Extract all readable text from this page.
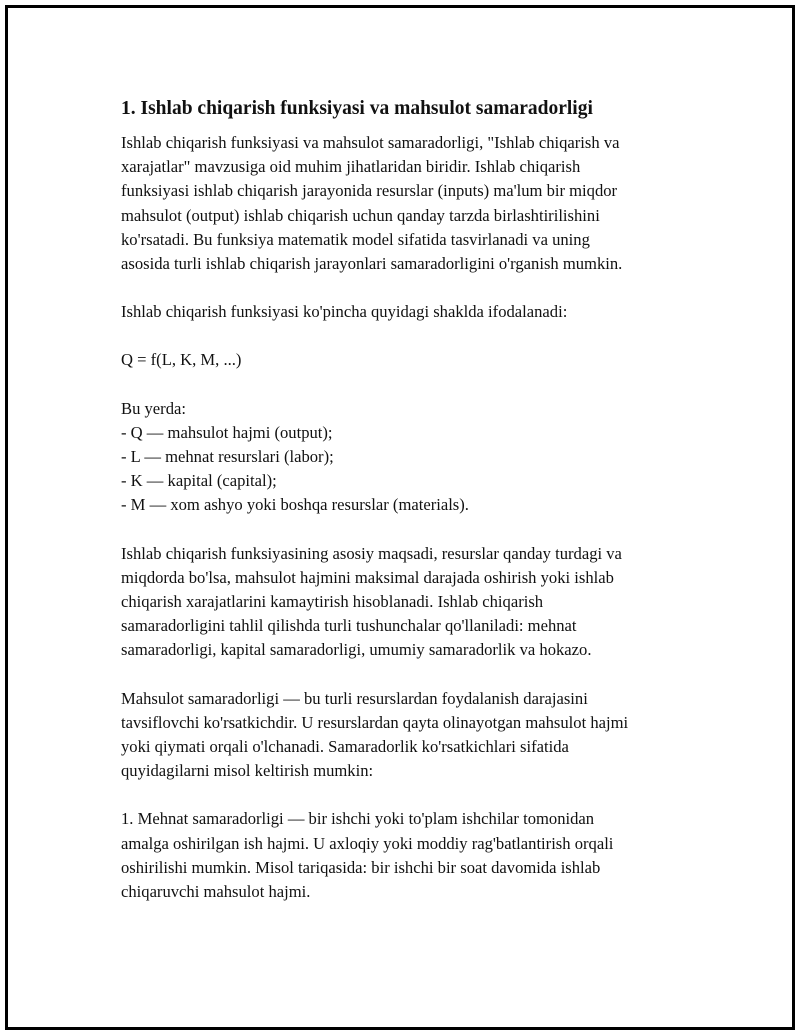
1. Ishlab chiqarish funksiyasi va mahsulot samaradorligi
Ishlab chiqarish funksiyasi va mahsulot samaradorligi, "Ishlab chiqarish va
xarajatlar" mavzusiga oid muhim jihatlaridan biridir. Ishlab chiqarish
funksiyasi ishlab chiqarish jarayonida resurslar (inputs) ma'lum bir miqdor
mahsulot (output) ishlab chiqarish uchun qanday tarzda birlashtirilishini
ko'rsatadi. Bu funksiya matematik model sifatida tasvirlanadi va uning
asosida turli ishlab chiqarish jarayonlari samaradorligini o'rganish mumkin.
Ishlab chiqarish funksiyasi ko'pincha quyidagi shaklda ifodalanadi:
Q = f(L, K, M, ...)
Bu yerda:
- Q — mahsulot hajmi (output);
- L — mehnat resurslari (labor);
- K — kapital (capital);
- M — xom ashyo yoki boshqa resurslar (materials).
Ishlab chiqarish funksiyasining asosiy maqsadi, resurslar qanday turdagi va
miqdorda bo'lsa, mahsulot hajmini maksimal darajada oshirish yoki ishlab
chiqarish xarajatlarini kamaytirish hisoblanadi. Ishlab chiqarish
samaradorligini tahlil qilishda turli tushunchalar qo'llaniladi: mehnat
samaradorligi, kapital samaradorligi, umumiy samaradorlik va hokazo.
Mahsulot samaradorligi — bu turli resurslardan foydalanish darajasini
tavsiflovchi ko'rsatkichdir. U resurslardan qayta olinayotgan mahsulot hajmi
yoki qiymati orqali o'lchanadi. Samaradorlik ko'rsatkichlari sifatida
quyidagilarni misol keltirish mumkin:
1. Mehnat samaradorligi — bir ishchi yoki to'plam ishchilar tomonidan
amalga oshirilgan ish hajmi. U axloqiy yoki moddiy rag'batlantirish orqali
oshirilishi mumkin. Misol tariqasida: bir ishchi bir soat davomida ishlab
chiqaruvchi mahsulot hajmi.
